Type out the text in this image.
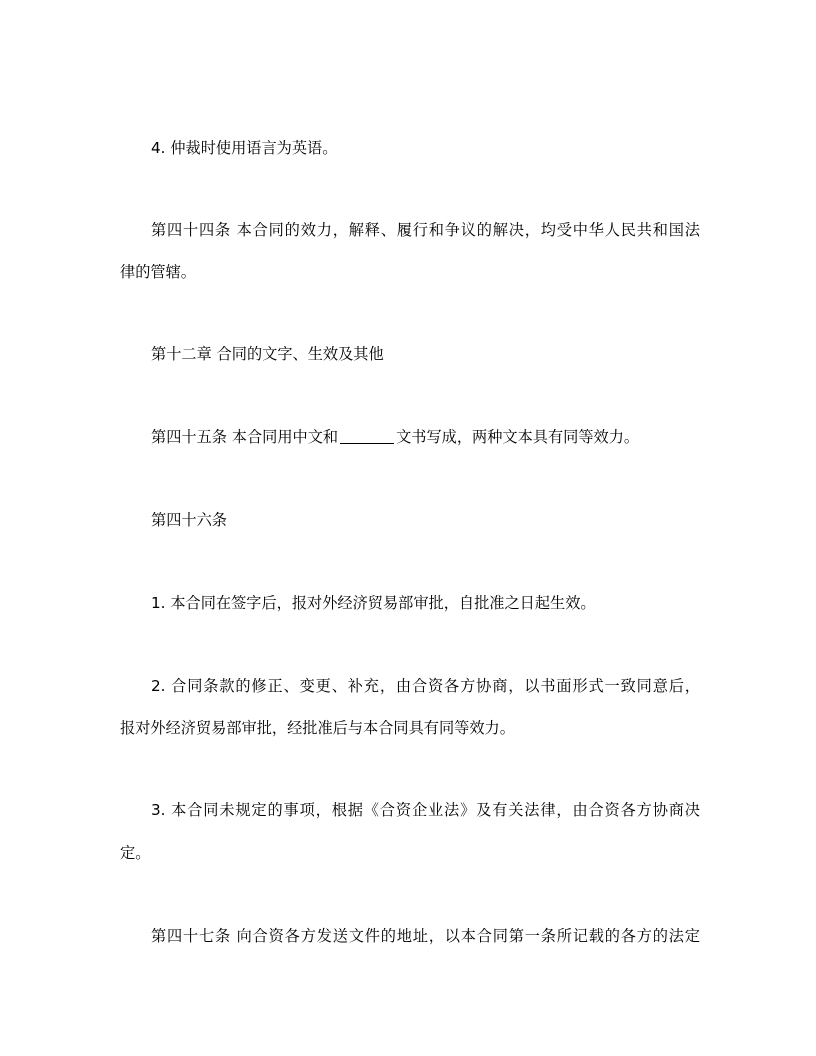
4. 仲裁时使用语言为英语。

第四十四条 本合同的效力，解释、履行和争议的解决，均受中华人民共和国法

律的管辖。

第十二章 合同的文字、生效及其他

第四十五条 本合同用中文和	文书写成，两种文本具有同等效力。

第四十六条

1. 本合同在签字后，报对外经济贸易部审批，自批准之日起生效。

2. 合同条款的修正、变更、补充，由合资各方协商，以书面形式一致同意后，

报对外经济贸易部审批，经批准后与本合同具有同等效力。

3. 本合同未规定的事项，根据《合资企业法》及有关法律，由合资各方协商决

定。

第四十七条 向合资各方发送文件的地址，以本合同第一条所记载的各方的法定
